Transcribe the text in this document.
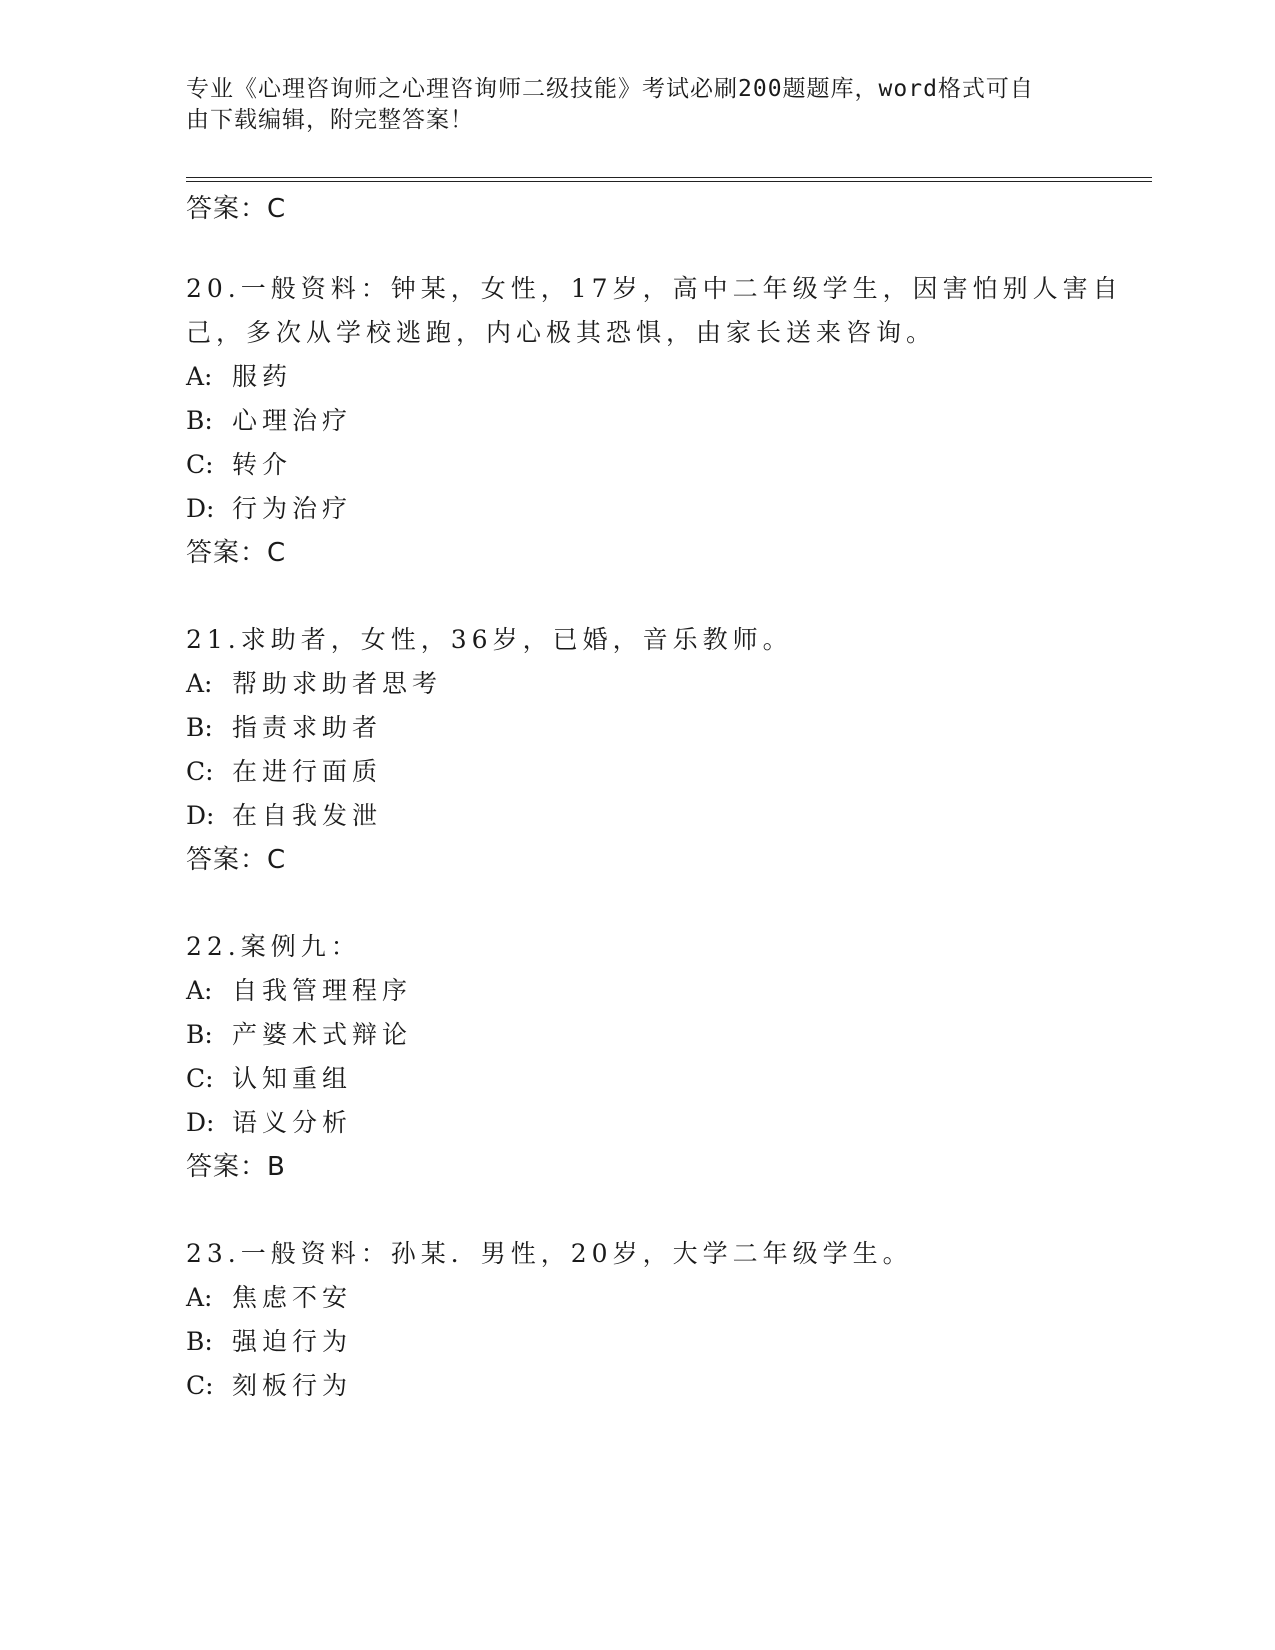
专业《心理咨询师之心理咨询师二级技能》考试必刷200题题库，word格式可自
由下载编辑，附完整答案！
答案：C
20.一般资料：钟某，女性，17岁，高中二年级学生，因害怕别人害自
己，多次从学校逃跑，内心极其恐惧，由家长送来咨询。
A: 服药
B: 心理治疗
C: 转介
D: 行为治疗
答案：C
21.求助者，女性，36岁，已婚，音乐教师。
A: 帮助求助者思考
B: 指责求助者
C: 在进行面质
D: 在自我发泄
答案：C
22.案例九：
A: 自我管理程序
B: 产婆术式辩论
C: 认知重组
D: 语义分析
答案：B
23.一般资料：孙某．男性，20岁，大学二年级学生。
A: 焦虑不安
B: 强迫行为
C: 刻板行为
